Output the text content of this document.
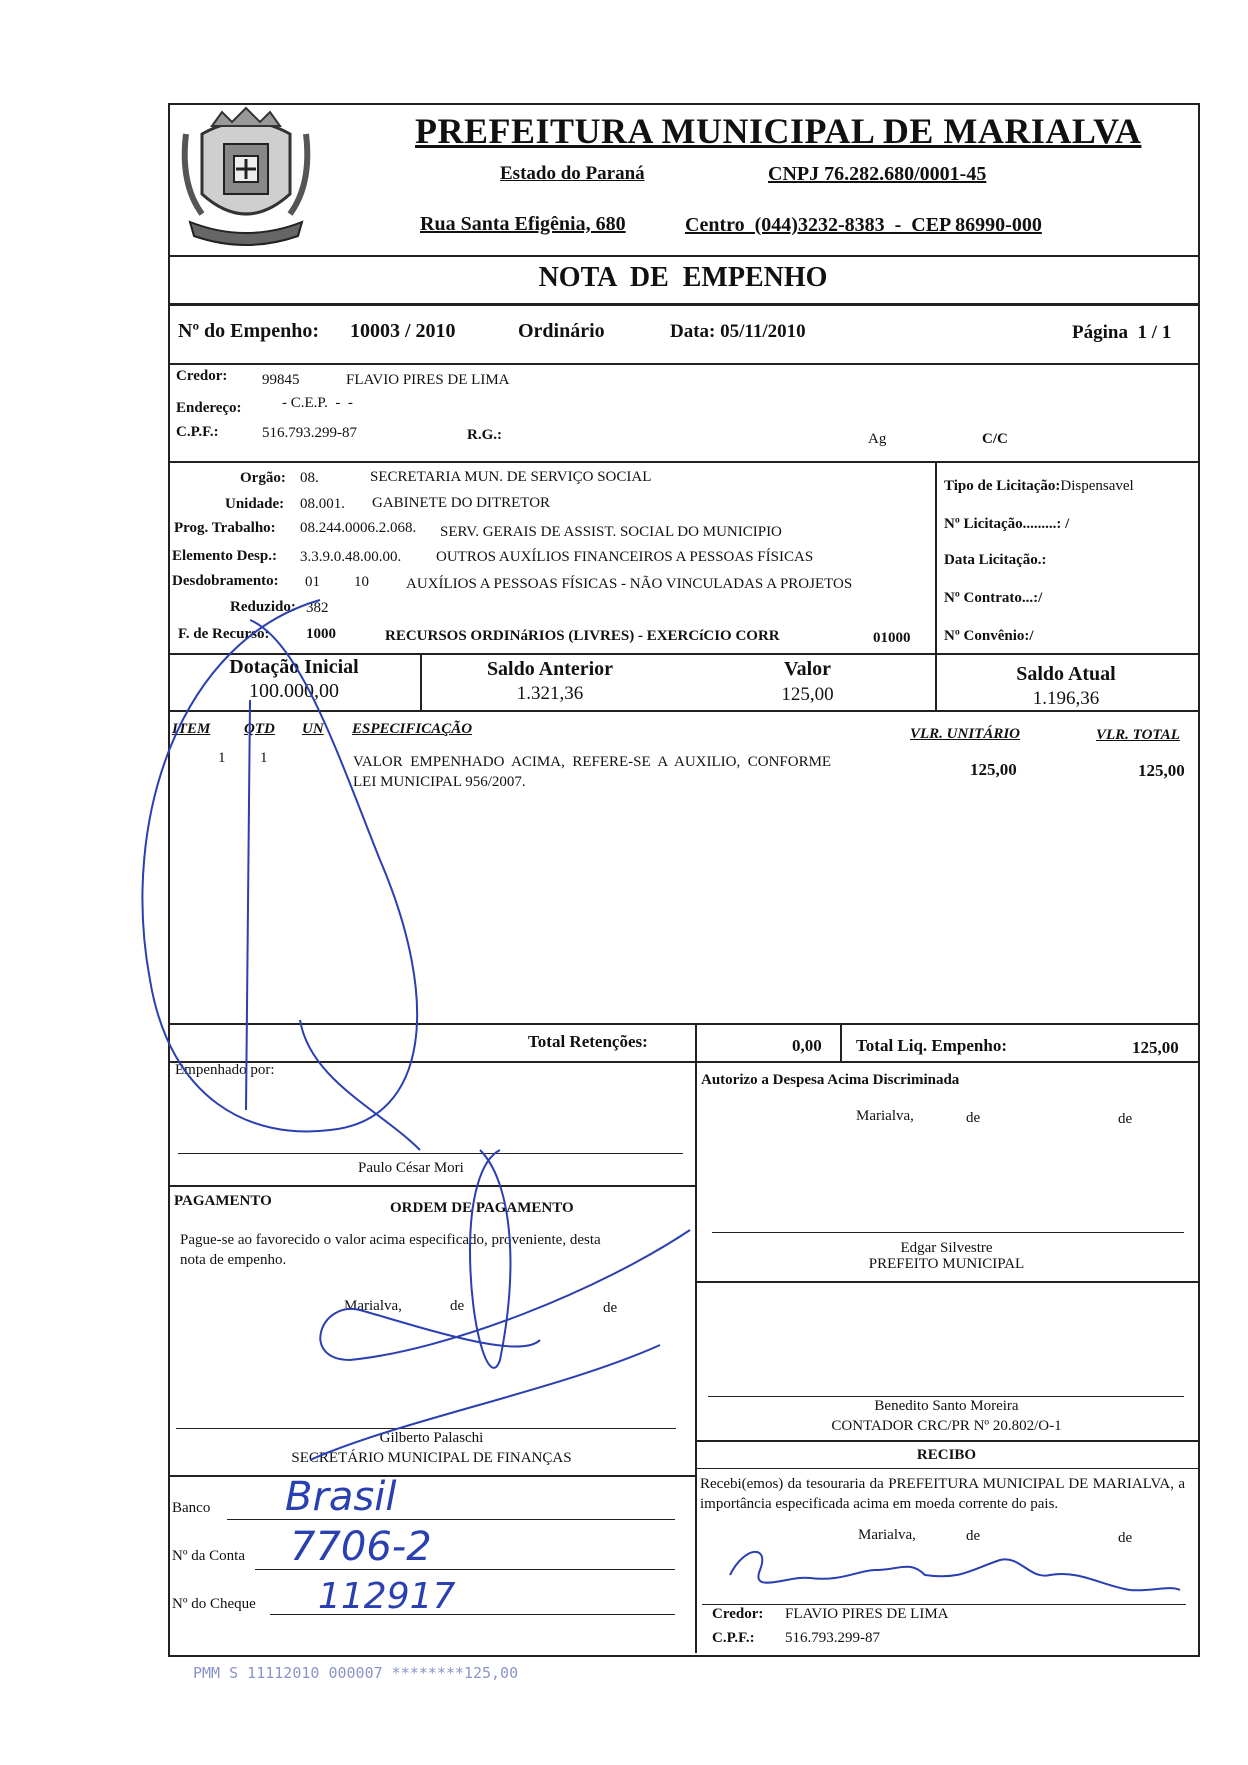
PREFEITURA MUNICIPAL DE MARIALVA
Estado do Paraná	CNPJ 76.282.680/0001-45
Rua Santa Efigênia, 680	Centro  (044)3232-8383  -  CEP 86990-000
NOTA  DE  EMPENHO
Nº do Empenho: 10003 / 2010	Ordinário	Data: 05/11/2010	Página  1 / 1
Credor: 99845	FLAVIO PIRES DE LIMA
Endereço:	- C.E.P.  -  -
C.P.F.:	516.793.299-87	R.G.:	Ag	C/C
Orgão: 08.	SECRETARIA MUN. DE SERVIÇO SOCIAL
Unidade: 08.001. GABINETE DO DITRETOR
Prog. Trabalho: 08.244.0006.2.068. SERV. GERAIS DE ASSIST. SOCIAL DO MUNICIPIO
Elemento Desp.: 3.3.9.0.48.00.00. OUTROS AUXÍLIOS FINANCEIROS A PESSOAS FÍSICAS
Desdobramento: 01 10 AUXÍLIOS A PESSOAS FÍSICAS - NÃO VINCULADAS A PROJETOS
Reduzido: 382
F. de Recurso: 1000	RECURSOS ORDINáRIOS (LIVRES) - EXERCíCIO CORR	01000
Tipo de Licitação:Dispensavel
Nº Licitação.........: /
Data Licitação.:
Nº Contrato...:/
Nº Convênio:/
Dotação Inicial
100.000,00
Saldo Anterior
1.321,36
Valor
125,00
Saldo Atual
1.196,36
ITEM QTD UN ESPECIFICAÇÃO	VLR. UNITÁRIO	VLR. TOTAL
1 1	VALOR  EMPENHADO  ACIMA,  REFERE-SE  A  AUXILIO,  CONFORME
LEI MUNICIPAL 956/2007.
125,00	125,00
Total Retenções:	0,00 Total Liq. Empenho:	125,00
Empenhado por:
Paulo César Mori
PAGAMENTO	ORDEM DE PAGAMENTO
Pague-se ao favorecido o valor acima especificado, proveniente, desta
nota de empenho.
Marialva,	de	de
Gilberto Palaschi
SECRETÁRIO MUNICIPAL DE FINANÇAS
Banco Brasil
Nº da Conta 7706-2
Nº do Cheque 112917
Autorizo a Despesa Acima Discriminada
Marialva,	de	de
Edgar Silvestre
PREFEITO MUNICIPAL
Benedito Santo Moreira
CONTADOR CRC/PR Nº 20.802/O-1
RECIBO
Recebi(emos) da tesouraria da PREFEITURA MUNICIPAL DE MARIALVA, a importância especificada acima em moeda corrente do pais.
Marialva,	de	de
Credor: FLAVIO PIRES DE LIMA
C.P.F.: 516.793.299-87
PMM S 11112010 000007 ********125,00
